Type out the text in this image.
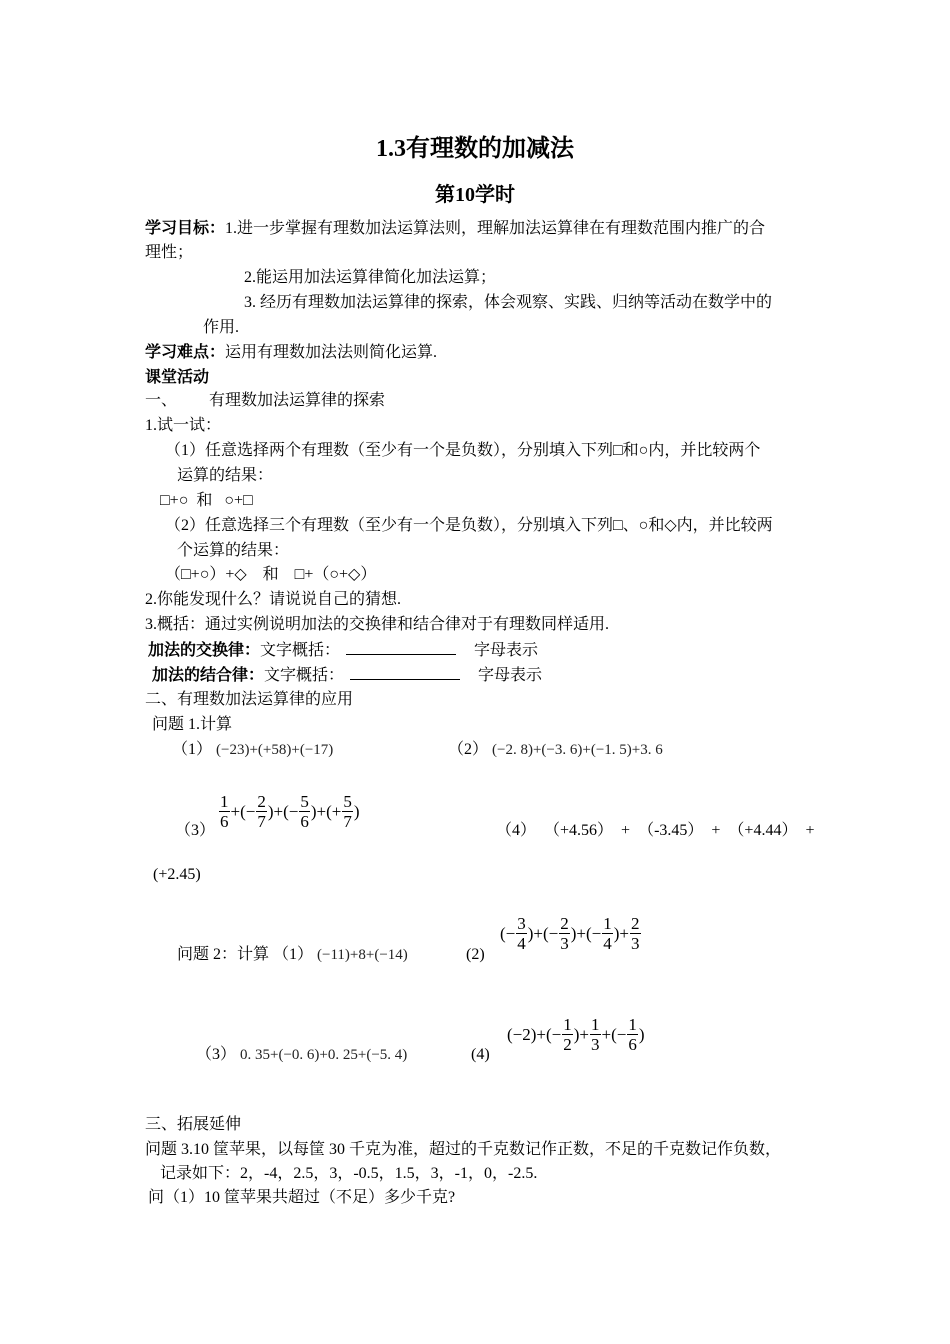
1.3有理数的加减法
第10学时
学习目标：1.进一步掌握有理数加法运算法则，理解加法运算律在有理数范围内推广的合
理性；
2.能运用加法运算律简化加法运算；
3. 经历有理数加法运算律的探索，体会观察、实践、归纳等活动在数学中的
作用.
学习难点：运用有理数加法法则简化运算.
课堂活动
一、        有理数加法运算律的探索
1.试一试：
（1）任意选择两个有理数（至少有一个是负数），分别填入下列□和○内，并比较两个
运算的结果：
□+○  和   ○+□
（2）任意选择三个有理数（至少有一个是负数），分别填入下列□、○和◇内，并比较两
个运算的结果：
（□+○）+◇    和    □+（○+◇）
2.你能发现什么？请说说自己的猜想.
3.概括：通过实例说明加法的交换律和结合律对于有理数同样适用.
加法的交换律：文字概括：	字母表示
加法的结合律：文字概括：	字母表示
二、有理数加法运算律的应用
问题 1.计算
（1） (−23)+(+58)+(−17)	（2） (−2. 8)+(−3. 6)+(−1. 5)+3. 6
$(3) \frac{1}{6}$ +(− $\frac{2}{7}$ )+(− $\frac{5}{6}$ )+(+ $\frac{5}{7}$ )
（4） （+4.56）  +  （-3.45）  +  （+4.44）  +
(+2.45)
问题 2：计算 （1） (−11)+8+(−14)	(2)
(− $\frac{3}{4}$ )+(− $\frac{2}{3}$ )+(− $\frac{1}{4}$ )+ $\frac{2}{3}$
（3） 0. 35+(−0. 6)+0. 25+(−5. 4)	(4)
$(-2)+(- \frac{1}{2}$ )+ $\frac{1}{3}$ +(− $\frac{1}{6}$ )
三、拓展延伸
问题 3.10 筐苹果，以每筐 30 千克为准，超过的千克数记作正数，不足的千克数记作负数，
记录如下：2，-4，2.5，3，-0.5，1.5，3，-1，0，-2.5.
问（1）10 筐苹果共超过（不足）多少千克?
